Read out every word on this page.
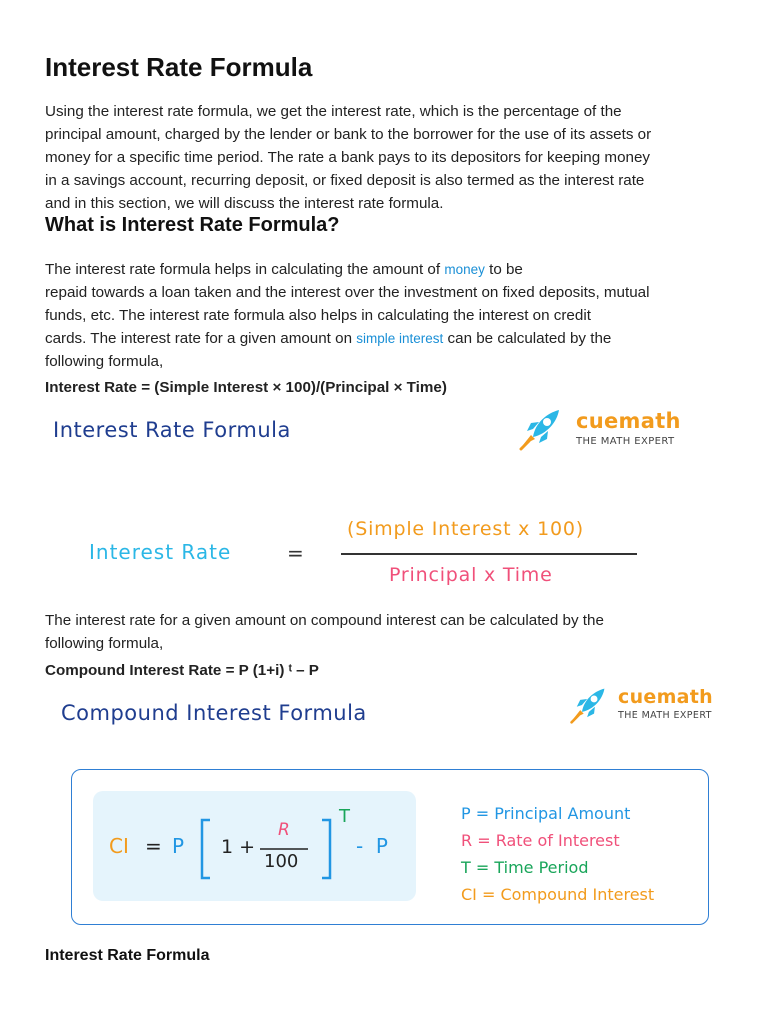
Interest Rate Formula
Using the interest rate formula, we get the interest rate, which is the percentage of the
principal amount, charged by the lender or bank to the borrower for the use of its assets or
money for a specific time period. The rate a bank pays to its depositors for keeping money
in a savings account, recurring deposit, or fixed deposit is also termed as the interest rate
and in this section, we will discuss the interest rate formula.
What is Interest Rate Formula?
The interest rate formula helps in calculating the amount of money to be
repaid towards a loan taken and the interest over the investment on fixed deposits, mutual
funds, etc. The interest rate formula also helps in calculating the interest on credit
cards. The interest rate for a given amount on simple interest can be calculated by the
following formula,

Interest Rate = (Simple Interest × 100)/(Principal × Time)

Interest Rate Formula	cuemath
THE MATH EXPERT
Interest Rate	=
(Simple Interest x 100)
Principal x Time
The interest rate for a given amount on compound interest can be calculated by the
following formula,

Compound Interest Rate = P (1+i) ᵗ – P

Compound Interest Formula
cuemath
THE MATH EXPERT
CI = P 1 +
R
100
T
-  P
P = Principal Amount
R = Rate of Interest
T = Time Period
CI = Compound Interest

Interest Rate Formula
